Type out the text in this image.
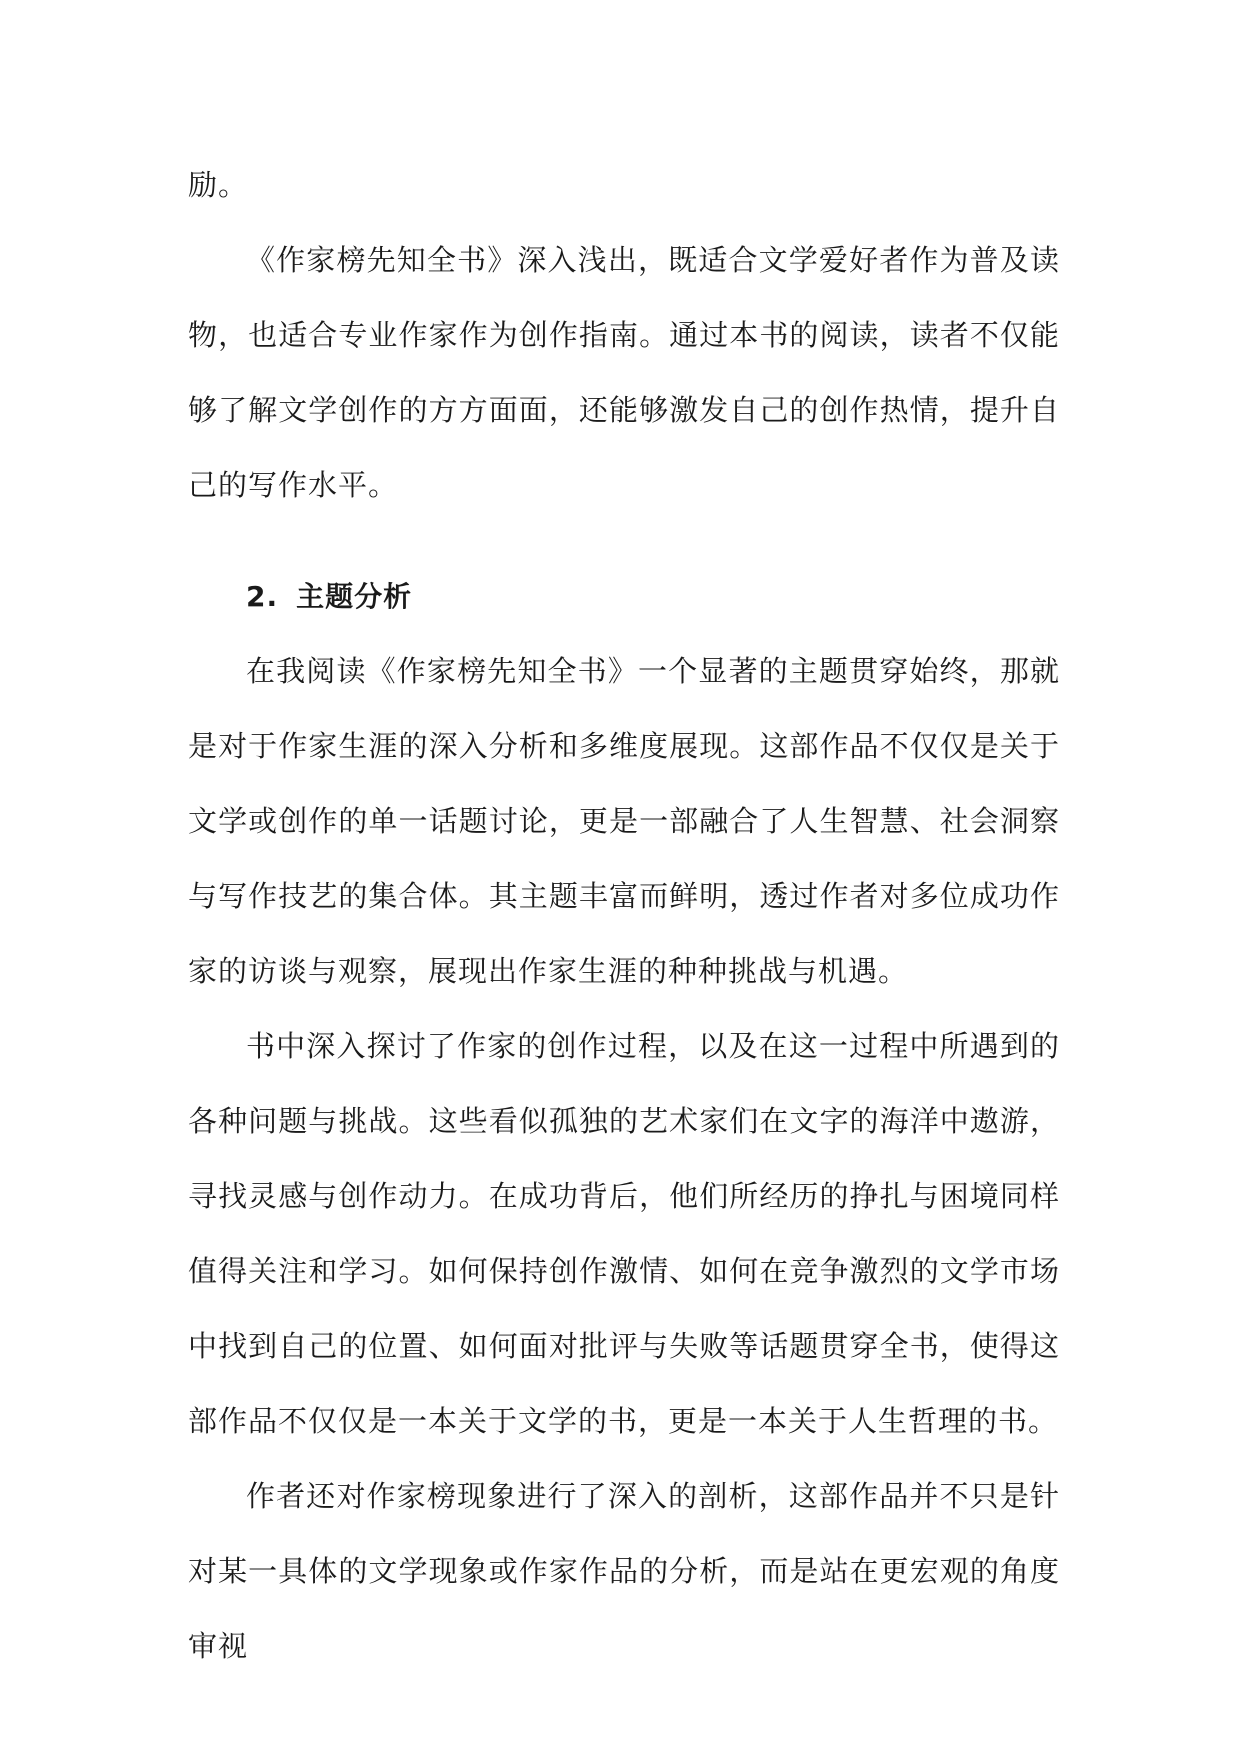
励。

《作家榜先知全书》深入浅出，既适合文学爱好者作为普及读物，也适合专业作家作为创作指南。通过本书的阅读，读者不仅能够了解文学创作的方方面面，还能够激发自己的创作热情，提升自己的写作水平。

2. 主题分析

在我阅读《作家榜先知全书》一个显著的主题贯穿始终，那就是对于作家生涯的深入分析和多维度展现。这部作品不仅仅是关于文学或创作的单一话题讨论，更是一部融合了人生智慧、社会洞察与写作技艺的集合体。其主题丰富而鲜明，透过作者对多位成功作家的访谈与观察，展现出作家生涯的种种挑战与机遇。

书中深入探讨了作家的创作过程，以及在这一过程中所遇到的各种问题与挑战。这些看似孤独的艺术家们在文字的海洋中遨游，寻找灵感与创作动力。在成功背后，他们所经历的挣扎与困境同样值得关注和学习。如何保持创作激情、如何在竞争激烈的文学市场中找到自己的位置、如何面对批评与失败等话题贯穿全书，使得这部作品不仅仅是一本关于文学的书，更是一本关于人生哲理的书。

作者还对作家榜现象进行了深入的剖析，这部作品并不只是针对某一具体的文学现象或作家作品的分析，而是站在更宏观的角度审视
